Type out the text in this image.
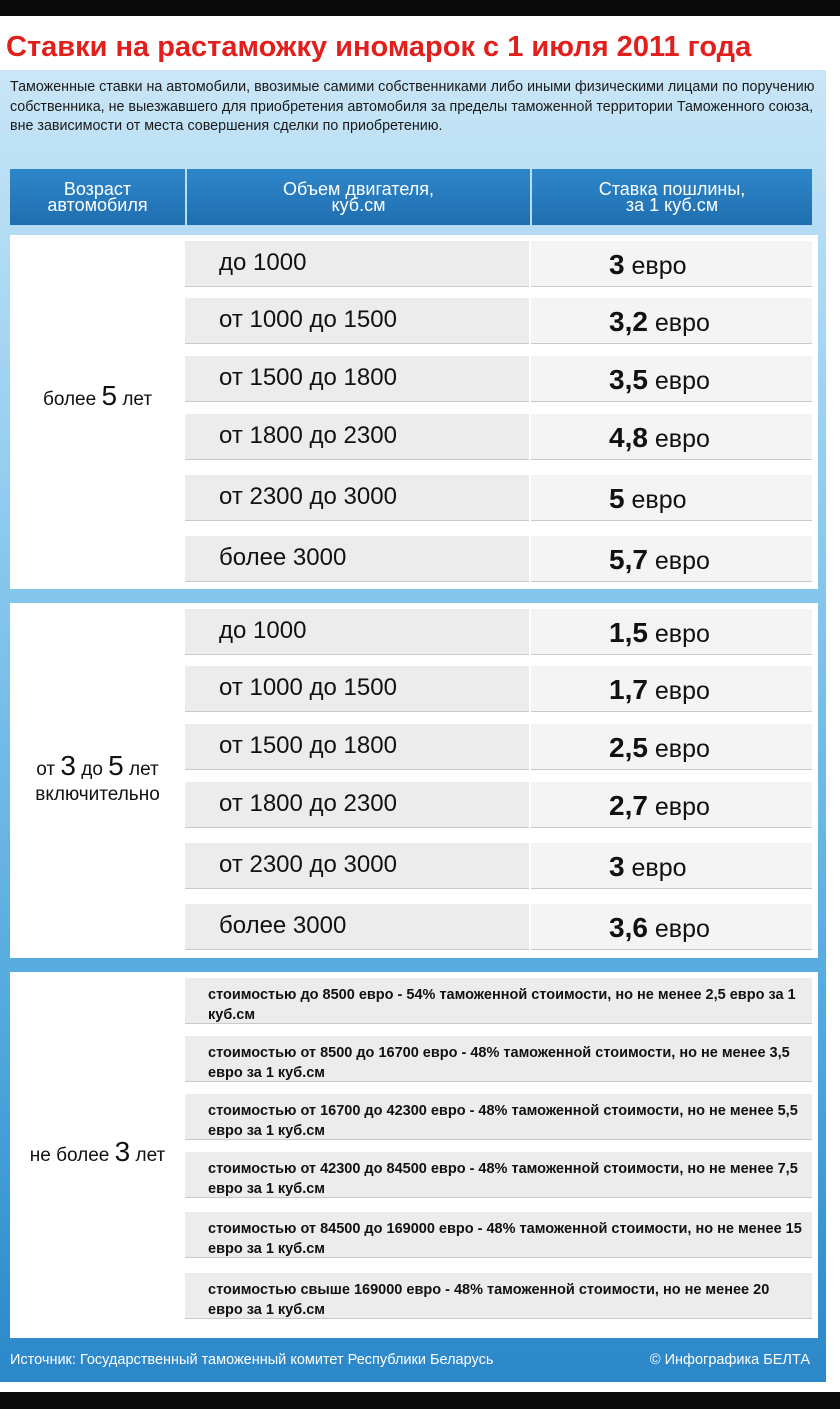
Ставки на растаможку иномарок с 1 июля 2011 года
Таможенные ставки на автомобили, ввозимые самими собственниками либо иными физическими лицами по поручению собственника, не выезжавшего для приобретения автомобиля за пределы таможенной территории Таможенного союза, вне зависимости от места совершения сделки по приобретению.
Возраст
автомобиля
Объем двигателя,
куб.см
Ставка пошлины,
за 1 куб.см
более 5 лет
до 1000	3 евро
от 1000 до 1500	3,2 евро
от 1500 до 1800	3,5 евро
от 1800 до 2300	4,8 евро
от 2300 до 3000	5 евро
более 3000	5,7 евро
от 3 до 5 лет
включительно
до 1000	1,5 евро
от 1000 до 1500	1,7 евро
от 1500 до 1800	2,5 евро
от 1800 до 2300	2,7 евро
от 2300 до 3000	3 евро
более 3000	3,6 евро
не более 3 лет
стоимостью до 8500 евро - 54% таможенной стоимости, но не менее 2,5 евро за 1 куб.см
стоимостью от 8500 до 16700 евро - 48% таможенной стоимости, но не менее 3,5 евро за 1 куб.см
стоимостью от 16700 до 42300 евро - 48% таможенной стоимости, но не менее 5,5 евро за 1 куб.см
стоимостью от 42300 до 84500 евро - 48% таможенной стоимости, но не менее 7,5 евро за 1 куб.см
стоимостью от 84500 до 169000 евро - 48% таможенной стоимости, но не менее 15 евро за 1 куб.см
стоимостью свыше 169000 евро - 48% таможенной стоимости, но не менее 20 евро за 1 куб.см
Источник: Государственный таможенный комитет Республики Беларусь	© Инфографика БЕЛТА
